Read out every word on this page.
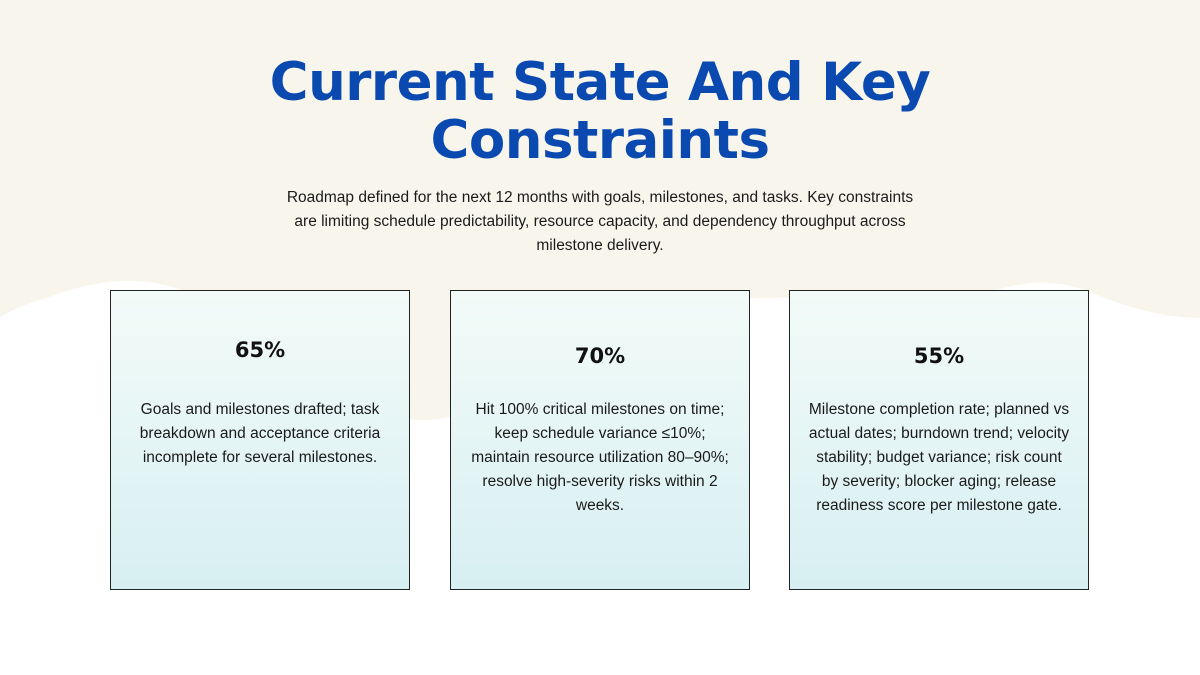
Current State And Key Constraints
Roadmap defined for the next 12 months with goals, milestones, and tasks. Key constraints are limiting schedule predictability, resource capacity, and dependency throughput across milestone delivery.
65%
Goals and milestones drafted; task breakdown and acceptance criteria incomplete for several milestones.
70%
Hit 100% critical milestones on time; keep schedule variance ≤10%; maintain resource utilization 80–90%; resolve high-severity risks within 2 weeks.
55%
Milestone completion rate; planned vs actual dates; burndown trend; velocity stability; budget variance; risk count by severity; blocker aging; release readiness score per milestone gate.
